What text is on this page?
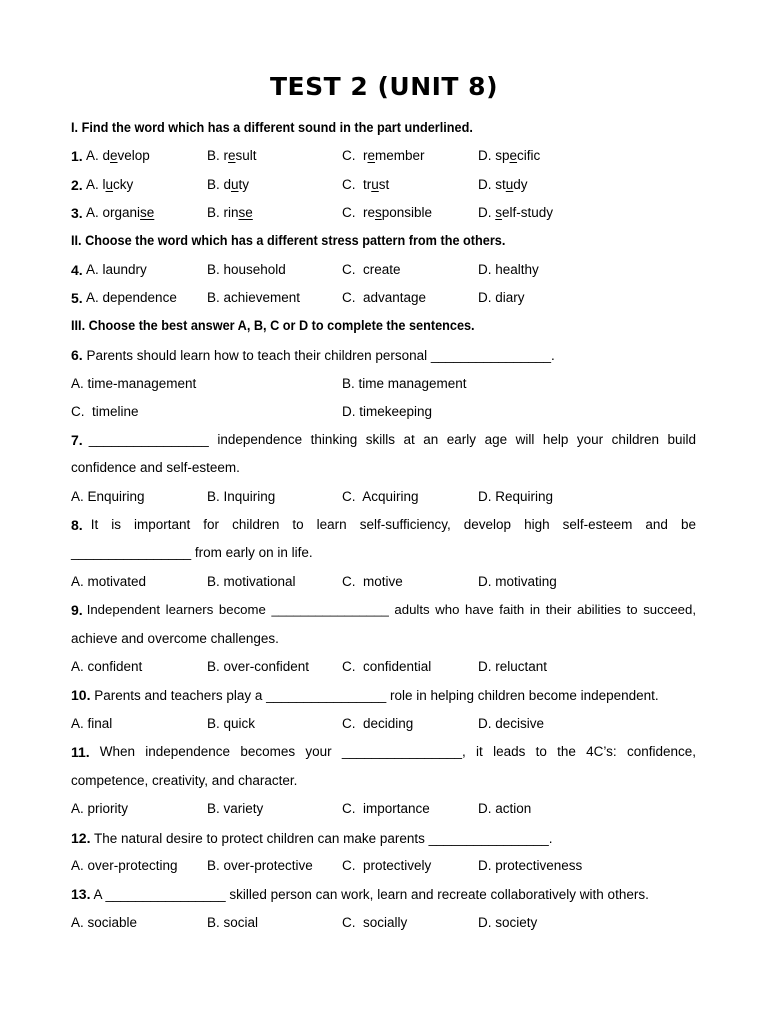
TEST 2 (UNIT 8)
I. Find the word which has a different sound in the part underlined.
1. A. develop	B. result	C.  remember	D. specific
2. A. lucky	B. duty	C.  trust	D. study
3. A. organise	B. rinse	C.  responsible	D. self-study
II. Choose the word which has a different stress pattern from the others.
4. A. laundry	B. household	C.  create	D. healthy
5. A. dependence B. achievement	C.  advantage	D. diary
III. Choose the best answer A, B, C or D to complete the sentences.
6. Parents should learn how to teach their children personal ________________.
A. time-management	B. time management
C.  timeline	D. timekeeping
7. ________________ independence thinking skills at an early age will help your children build
confidence and self-esteem.
A. Enquiring	B. Inquiring	C.  Acquiring	D. Requiring
8. It is important for children to learn self-sufficiency, develop high self-esteem and be
________________ from early on in life.
A. motivated	B. motivational	C.  motive	D. motivating
9. Independent learners become ________________ adults who have faith in their abilities to succeed,
achieve and overcome challenges.
A. confident	B. over-confident C.  confidential	D. reluctant
10. Parents and teachers play a ________________ role in helping children become independent.
A. final	B. quick	C.  deciding	D. decisive
11. When independence becomes your ________________, it leads to the 4C’s: confidence,
competence, creativity, and character.
A. priority	B. variety	C.  importance	D. action
12. The natural desire to protect children can make parents ________________.
A. over-protecting B. over-protective C.  protectively	D. protectiveness
13. A ________________ skilled person can work, learn and recreate collaboratively with others.
A. sociable	B. social	C.  socially	D. society
